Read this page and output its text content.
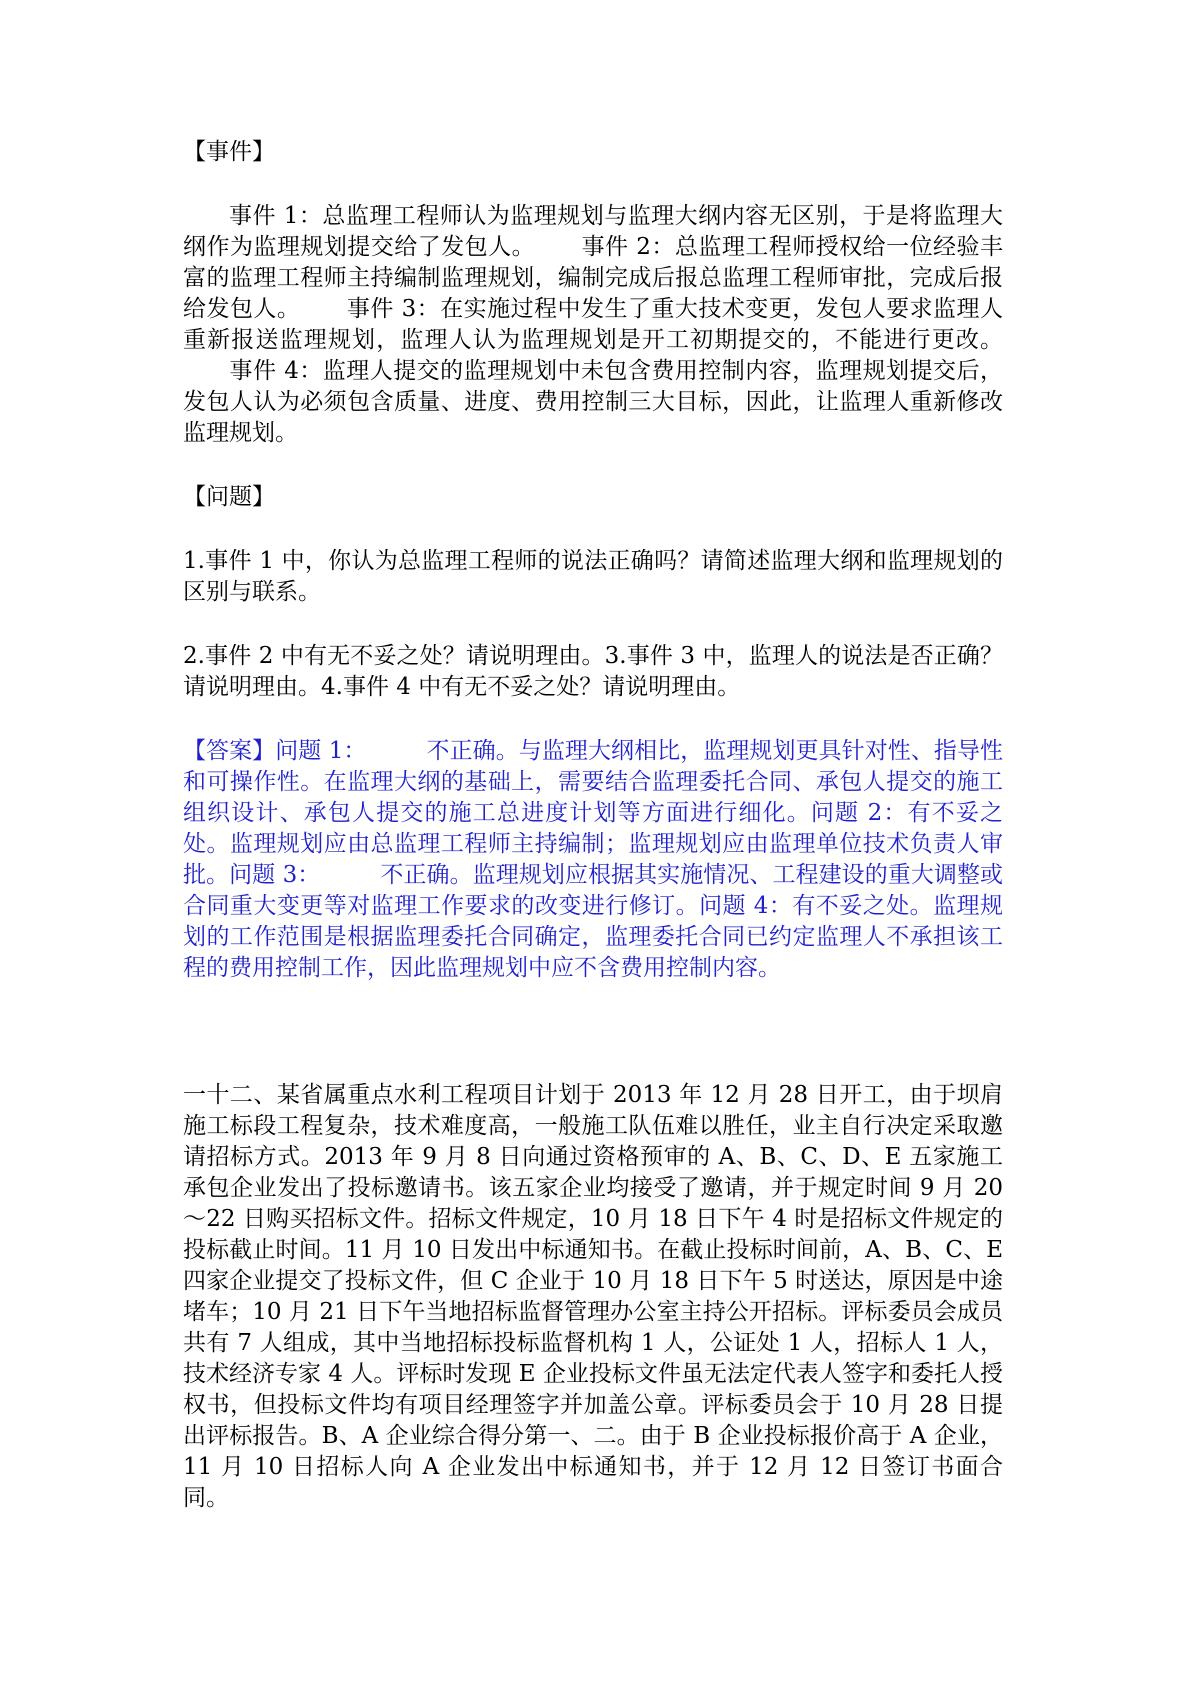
【事件】

事件 1：总监理工程师认为监理规划与监理大纲内容无区别，于是将监理大纲作为监理规划提交给了发包人。 事件 2：总监理工程师授权给一位经验丰富的监理工程师主持编制监理规划，编制完成后报总监理工程师审批，完成后报给发包人。 事件 3：在实施过程中发生了重大技术变更，发包人要求监理人重新报送监理规划，监理人认为监理规划是开工初期提交的，不能进行更改。事件 4：监理人提交的监理规划中未包含费用控制内容，监理规划提交后，发包人认为必须包含质量、进度、费用控制三大目标，因此，让监理人重新修改监理规划。

【问题】

1.事件 1 中，你认为总监理工程师的说法正确吗？请简述监理大纲和监理规划的区别与联系。

2.事件 2 中有无不妥之处？请说明理由。3.事件 3 中，监理人的说法是否正确？请说明理由。4.事件 4 中有无不妥之处？请说明理由。

【答案】问题 1：	不正确。与监理大纲相比，监理规划更具针对性、指导性和可操作性。在监理大纲的基础上，需要结合监理委托合同、承包人提交的施工组织设计、承包人提交的施工总进度计划等方面进行细化。问题 2：有不妥之处。监理规划应由总监理工程师主持编制；监理规划应由监理单位技术负责人审批。问题 3：	不正确。监理规划应根据其实施情况、工程建设的重大调整或合同重大变更等对监理工作要求的改变进行修订。问题 4：有不妥之处。监理规划的工作范围是根据监理委托合同确定，监理委托合同已约定监理人不承担该工程的费用控制工作，因此监理规划中应不含费用控制内容。

一十二、某省属重点水利工程项目计划于 2013 年 12 月 28 日开工，由于坝肩施工标段工程复杂，技术难度高，一般施工队伍难以胜任，业主自行决定采取邀请招标方式。2013 年 9 月 8 日向通过资格预审的 A、B、C、D、E 五家施工承包企业发出了投标邀请书。该五家企业均接受了邀请，并于规定时间 9 月 20～22 日购买招标文件。招标文件规定，10 月 18 日下午 4 时是招标文件规定的投标截止时间。11 月 10 日发出中标通知书。在截止投标时间前，A、B、C、E 四家企业提交了投标文件，但 C 企业于 10 月 18 日下午 5 时送达，原因是中途堵车；10 月 21 日下午当地招标监督管理办公室主持公开招标。评标委员会成员共有 7 人组成，其中当地招标投标监督机构 1 人，公证处 1 人，招标人 1 人，技术经济专家 4 人。评标时发现 E 企业投标文件虽无法定代表人签字和委托人授权书，但投标文件均有项目经理签字并加盖公章。评标委员会于 10 月 28 日提出评标报告。B、A 企业综合得分第一、二。由于 B 企业投标报价高于 A 企业，11 月 10 日招标人向 A 企业发出中标通知书，并于 12 月 12 日签订书面合同。
